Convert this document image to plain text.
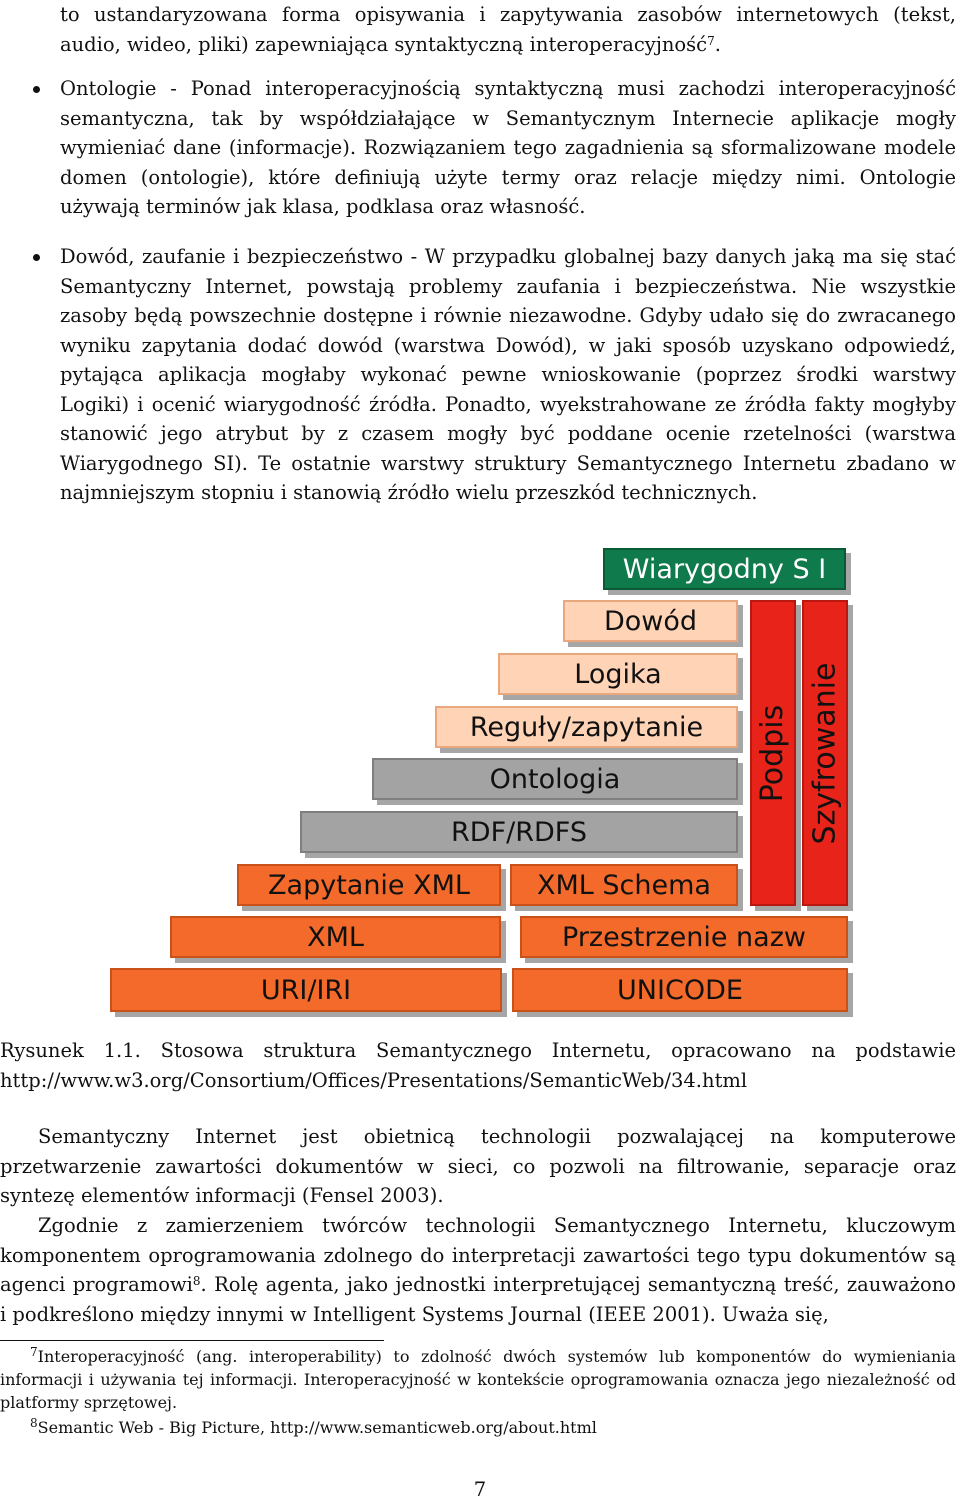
to ustandaryzowana forma opisywania i zapytywania zasobów internetowych (tekst, audio, wideo, pliki) zapewniająca syntaktyczną interoperacyjność$^7$.

Ontologie - Ponad interoperacyjnością syntaktyczną musi zachodzi interoperacyjność semantyczna, tak by współdziałające w Semantycznym Internecie aplikacje mogły wymieniać dane (informacje). Rozwiązaniem tego zagadnienia są sformalizowane modele domen (ontologie), które definiują użyte termy oraz relacje między nimi. Ontologie używają terminów jak klasa, podklasa oraz własność.

Dowód, zaufanie i bezpieczeństwo - W przypadku globalnej bazy danych jaką ma się stać Semantyczny Internet, powstają problemy zaufania i bezpieczeństwa. Nie wszystkie zasoby będą powszechnie dostępne i równie niezawodne. Gdyby udało się do zwracanego wyniku zapytania dodać dowód (warstwa Dowód), w jaki sposób uzyskano odpowiedź, pytająca aplikacja mogłaby wykonać pewne wnioskowanie (poprzez środki warstwy Logiki) i ocenić wiarygodność źródła. Ponadto, wyekstrahowane ze źródła fakty mogłyby stanowić jego atrybut by z czasem mogły być poddane ocenie rzetelności (warstwa Wiarygodnego SI). Te ostatnie warstwy struktury Semantycznego Internetu zbadano w najmniejszym stopniu i stanowią źródło wielu przeszkód technicznych.

Wiarygodny S I
Dowód
Logika
Reguły/zapytanie
Ontologia
RDF/RDFS
Zapytanie XML	XML Schema
XML	Przestrzenie nazw
URI/IRI	UNICODE
Podpis Szyfrowanie

Rysunek 1.1. Stosowa struktura Semantycznego Internetu, opracowano na podstawie http://www.w3.org/Consortium/Offices/Presentations/SemanticWeb/34.html

Semantyczny Internet jest obietnicą technologii pozwalającej na komputerowe przetwarzenie zawartości dokumentów w sieci, co pozwoli na filtrowanie, separacje oraz syntezę elementów informacji (Fensel 2003).

Zgodnie z zamierzeniem twórców technologii Semantycznego Internetu, kluczowym komponentem oprogramowania zdolnego do interpretacji zawartości tego typu dokumentów są agenci programowi$^8$. Rolę agenta, jako jednostki interpretującej semantyczną treść, zauważono i podkreślono między innymi w Intelligent Systems Journal (IEEE 2001). Uważa się,

$^7$Interoperacyjność (ang. interoperability) to zdolność dwóch systemów lub komponentów do wymieniania informacji i używania tej informacji. Interoperacyjność w kontekście oprogramowania oznacza jego niezależność od platformy sprzętowej.

$^8$Semantic Web - Big Picture, http://www.semanticweb.org/about.html

7
